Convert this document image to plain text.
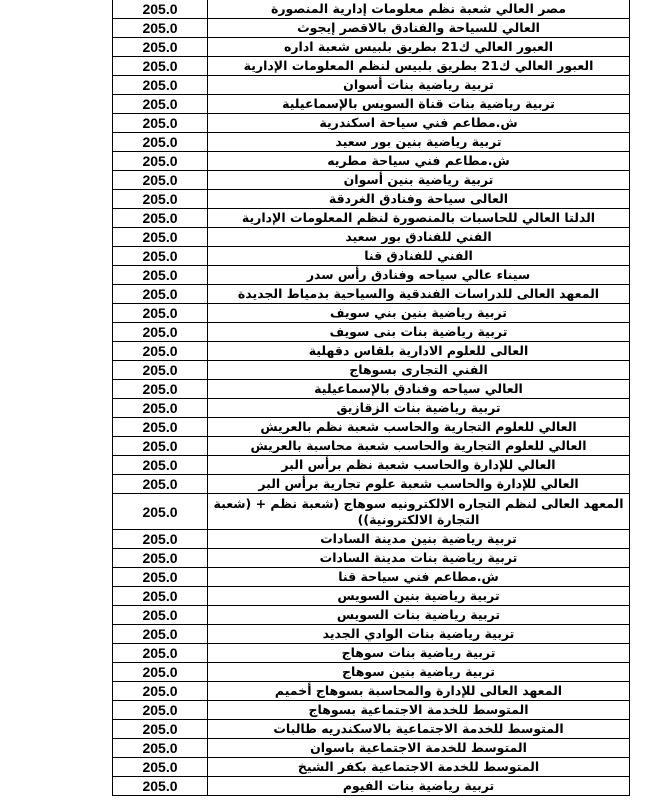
205.0	مصر العالي شعبة نظم معلومات إدارية المنصورة
205.0	العالي للسياحة والفنادق بالاقصر إيجوث
205.0	العبور العالي ك21 بطريق بلبيس شعبة اداره
205.0	العبور العالي ك21 بطريق بلبيس لنظم المعلومات الإدارية
205.0	تربية رياضية بنات أسوان
205.0	تربية رياضية بنات قناة السويس بالإسماعيلية
205.0	ش.مطاعم فني سياحة اسكندرية
205.0	تربية رياضية بنين بور سعيد
205.0	ش.مطاعم فني سياحة مطريه
205.0	تربية رياضية بنين أسوان
205.0	العالى سياحة وفنادق الغردقة
205.0	الدلتا العالي للحاسبات بالمنصورة لنظم المعلومات الإدارية
205.0	الفني للفنادق بور سعيد
205.0	الفني للفنادق قنا
205.0	سيناء عالي سياحه وفنادق رأس سدر
205.0	المعهد العالى للدراسات الفندقية والسياحية بدمياط الجديدة
205.0	تربية رياضية بنين بني سويف
205.0	تربية رياضية بنات بنى سويف
205.0	العالى للعلوم الادارية بلقاس دقهلية
205.0	الفني التجارى بسوهاج
205.0	العالي سياحه وفنادق بالإسماعيلية
205.0	تربية رياضية بنات الزقازيق
205.0	العالي للعلوم التجارية والحاسب شعبة نظم بالعريش
205.0	العالي للعلوم التجارية والحاسب شعبة محاسبة بالعريش
205.0	العالي للإدارة والحاسب شعبة نظم برأس البر
205.0	العالي للإدارة والحاسب شعبة علوم تجارية برأس البر
205.0	المعهد العالى لنظم التجاره الالكترونيه سوهاج (شعبة نظم + (شعبة التجارة الالكترونية))
205.0	تربية رياضية بنين مدينة السادات
205.0	تربية رياضية بنات مدينة السادات
205.0	ش.مطاعم فني سياحة قنا
205.0	تربية رياضية بنين السويس
205.0	تربية رياضية بنات السويس
205.0	تربية رياضية بنات الوادي الجديد
205.0	تربية رياضية بنات سوهاج
205.0	تربية رياضية بنين سوهاج
205.0	المعهد العالى للإدارة والمحاسبة بسوهاج أخميم
205.0	المتوسط للخدمة الاجتماعية بسوهاج
205.0	المتوسط للخدمة الاجتماعية بالاسكندريه طالبات
205.0	المتوسط للخدمة الاجتماعية باسوان
205.0	المتوسط للخدمة الاجتماعية بكفر الشيخ
205.0	تربية رياضية بنات الفيوم
